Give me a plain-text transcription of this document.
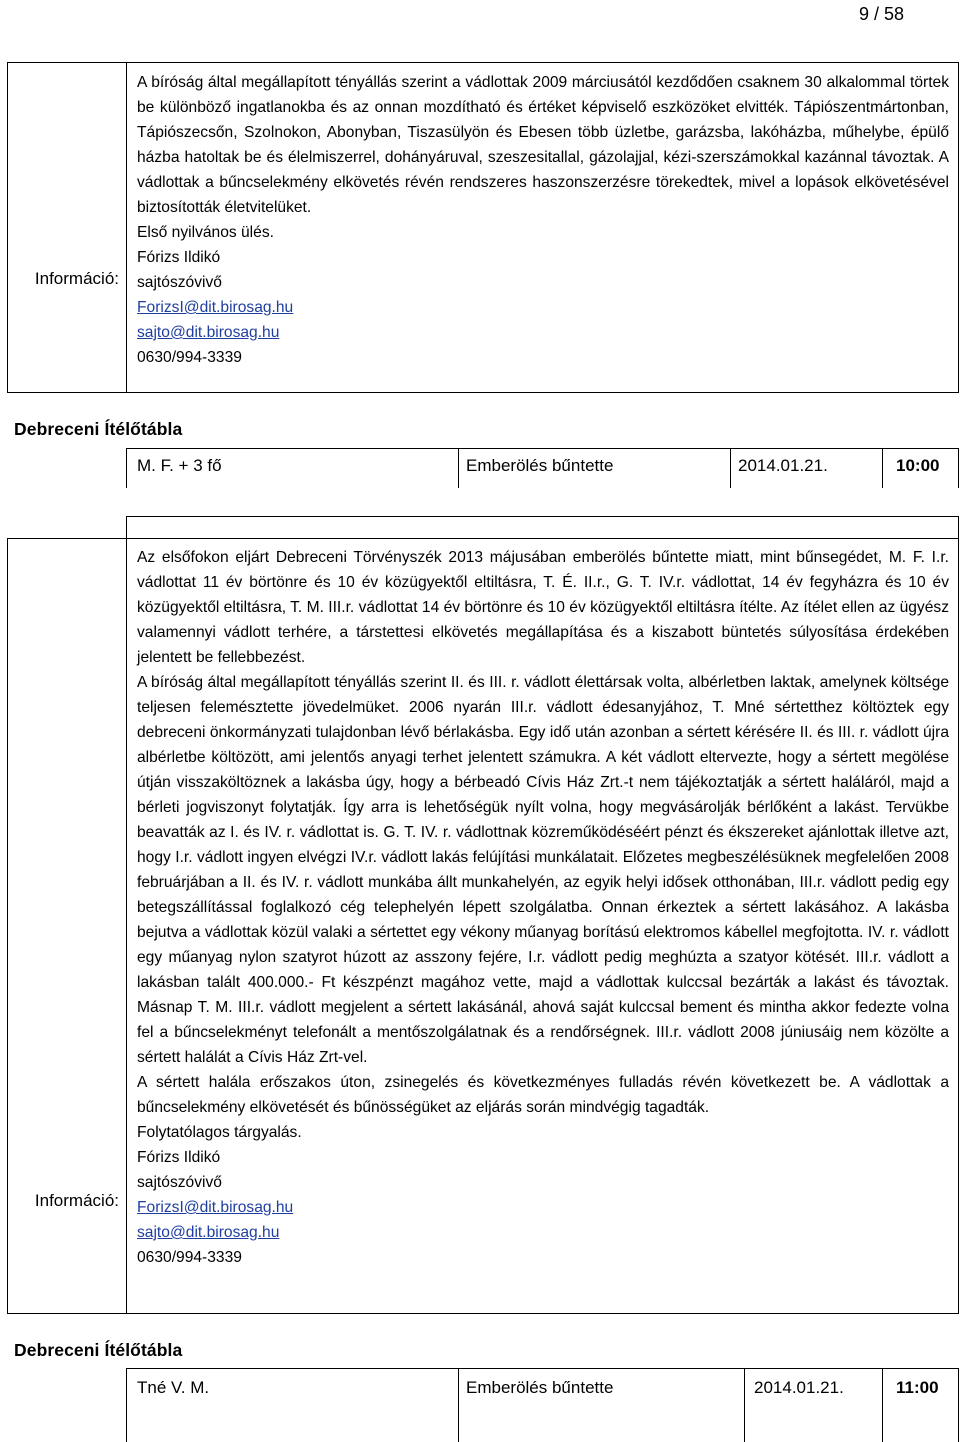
9 / 58
Információ:

A bíróság által megállapított tényállás szerint a vádlottak 2009 márciusától kezdődően csaknem 30 alkalommal törtek be különböző ingatlanokba és az onnan mozdítható és értéket képviselő eszközöket elvitték. Tápiószentmártonban, Tápiószecsőn, Szolnokon, Abonyban, Tiszasülyön és Ebesen több üzletbe, garázsba, lakóházba, műhelybe, épülő házba hatoltak be és élelmiszerrel, dohányáruval, szeszesitallal, gázolajjal, kézi-szerszámokkal kazánnal távoztak. A vádlottak a bűncselekmény elkövetés révén rendszeres haszonszerzésre törekedtek, mivel a lopások elkövetésével biztosították életvitelüket.

Első nyilvános ülés.
Fórizs Ildikó
sajtószóvivő
ForizsI@dit.birosag.hu
sajto@dit.birosag.hu
0630/994-3339
Debreceni Ítélőtábla
M. F. + 3 fő	Emberölés bűntette	2014.01.21.	10:00
Információ:

Az elsőfokon eljárt Debreceni Törvényszék 2013 májusában emberölés bűntette miatt, mint bűnsegédet, M. F. I.r. vádlottat 11 év börtönre és 10 év közügyektől eltiltásra, T. É. II.r., G. T. IV.r. vádlottat, 14 év fegyházra és 10 év közügyektől eltiltásra, T. M. III.r. vádlottat 14 év börtönre és 10 év közügyektől eltiltásra ítélte. Az ítélet ellen az ügyész valamennyi vádlott terhére, a társtettesi elkövetés megállapítása és a kiszabott büntetés súlyosítása érdekében jelentett be fellebbezést.

A bíróság által megállapított tényállás szerint II. és III. r. vádlott élettársak volta, albérletben laktak, amelynek költsége teljesen felemésztette jövedelmüket. 2006 nyarán III.r. vádlott édesanyjához, T. Mné sértetthez költöztek egy debreceni önkormányzati tulajdonban lévő bérlakásba. Egy idő után azonban a sértett kérésére II. és III. r. vádlott újra albérletbe költözött, ami jelentős anyagi terhet jelentett számukra. A két vádlott eltervezte, hogy a sértett megölése útján visszaköltöznek a lakásba úgy, hogy a bérbeadó Cívis Ház Zrt.-t nem tájékoztatják a sértett haláláról, majd a bérleti jogviszonyt folytatják. Így arra is lehetőségük nyílt volna, hogy megvásárolják bérlőként a lakást. Tervükbe beavatták az I. és IV. r. vádlottat is. G. T. IV. r. vádlottnak közreműködéséért pénzt és ékszereket ajánlottak illetve azt, hogy I.r. vádlott ingyen elvégzi IV.r. vádlott lakás felújítási munkálatait. Előzetes megbeszélésüknek megfelelően 2008 februárjában a II. és IV. r. vádlott munkába állt munkahelyén, az egyik helyi idősek otthonában, III.r. vádlott pedig egy betegszállítással foglalkozó cég telephelyén lépett szolgálatba. Onnan érkeztek a sértett lakásához. A lakásba bejutva a vádlottak közül valaki a sértettet egy vékony műanyag borítású elektromos kábellel megfojtotta. IV. r. vádlott egy műanyag nylon szatyrot húzott az asszony fejére, I.r. vádlott pedig meghúzta a szatyor kötését. III.r. vádlott a lakásban talált 400.000.- Ft készpénzt magához vette, majd a vádlottak kulccsal bezárták a lakást és távoztak. Másnap T. M. III.r. vádlott megjelent a sértett lakásánál, ahová saját kulccsal bement és mintha akkor fedezte volna fel a bűncselekményt telefonált a mentőszolgálatnak és a rendőrségnek. III.r. vádlott 2008 júniusáig nem közölte a sértett halálát a Cívis Ház Zrt-vel.

A sértett halála erőszakos úton, zsinegelés és következményes fulladás révén következett be. A vádlottak a bűncselekmény elkövetését és bűnösségüket az eljárás során mindvégig tagadták.

Folytatólagos tárgyalás.
Fórizs Ildikó
sajtószóvivő
ForizsI@dit.birosag.hu
sajto@dit.birosag.hu
0630/994-3339
Debreceni Ítélőtábla
Tné V. M.	Emberölés bűntette	2014.01.21.	11:00
